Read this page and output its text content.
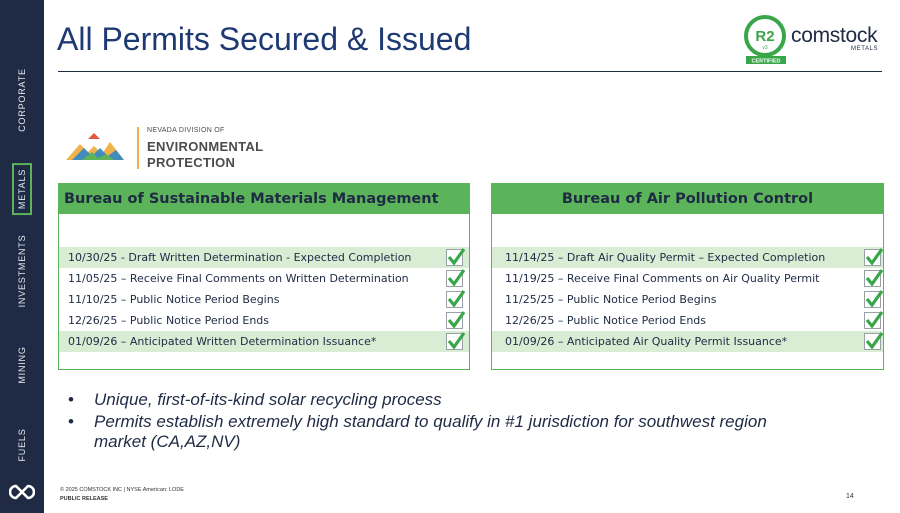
CORPORATE
METALS
INVESTMENTS
MINING
FUELS
All Permits Secured & Issued	R2
v3
CERTIFIED
comstock
METALS
NEVADA DIVISION OF
ENVIRONMENTAL
PROTECTION
Bureau of Sustainable Materials Management
10/30/25 - Draft Written Determination - Expected Completion
11/05/25 – Receive Final Comments on Written Determination
11/10/25 – Public Notice Period Begins
12/26/25 – Public Notice Period Ends
01/09/26 – Anticipated Written Determination Issuance*
Bureau of Air Pollution Control
11/14/25 – Draft Air Quality Permit – Expected Completion
11/19/25 – Receive Final Comments on Air Quality Permit
11/25/25 – Public Notice Period Begins
12/26/25 – Public Notice Period Ends
01/09/26 – Anticipated Air Quality Permit Issuance*
• Unique, first-of-its-kind solar recycling process
• Permits establish extremely high standard to qualify in #1 jurisdiction for southwest region market (CA,AZ,NV)
© 2025 COMSTOCK INC | NYSE American: LODE
PUBLIC RELEASE	14
